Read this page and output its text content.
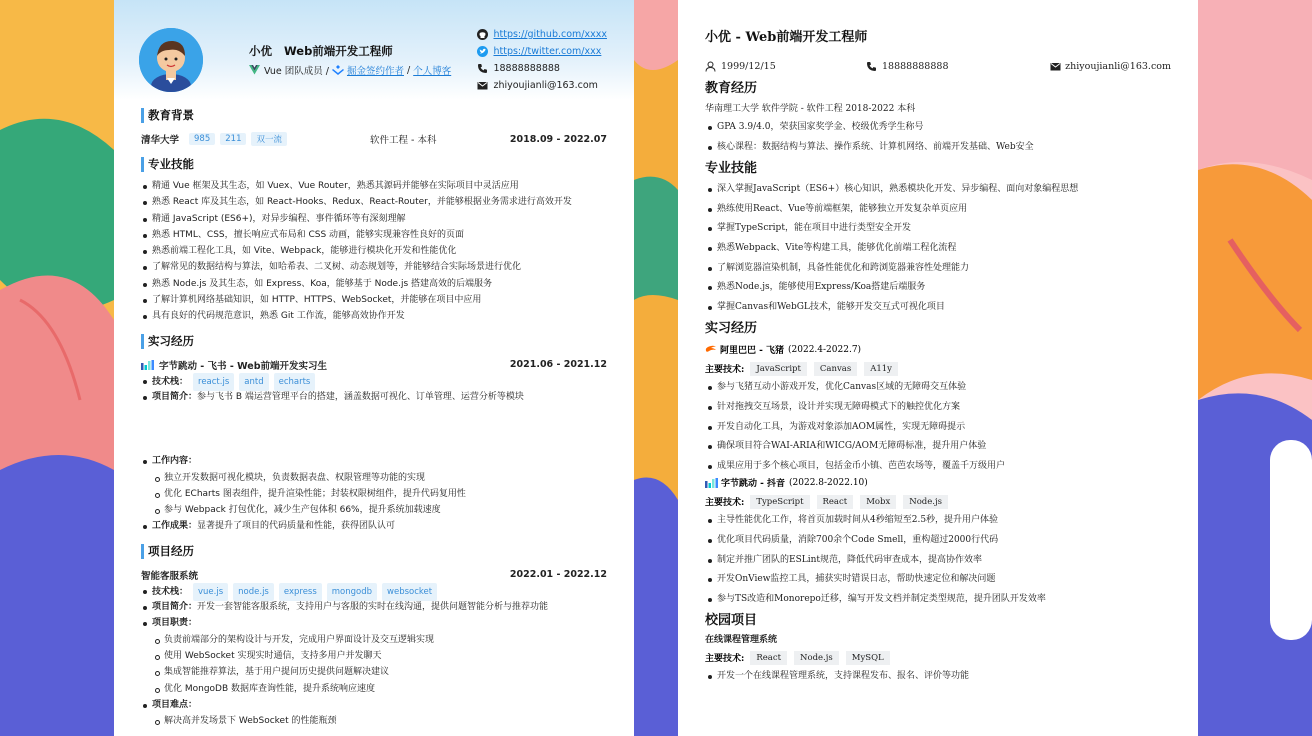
小优 Web前端开发工程师
Vue 团队成员 / 掘金签约作者 / 个人博客
https://github.com/xxxx
https://twitter.com/xxx
18888888888
zhiyoujianli@163.com
教育背景
清华大学	985	211	双一流	软件工程 - 本科	2018.09 - 2022.07
专业技能
精通 Vue 框架及其生态，如 Vuex、Vue Router，熟悉其源码并能够在实际项目中灵活应用
熟悉 React 库及其生态，如 React-Hooks、Redux、React-Router，并能够根据业务需求进行高效开发
精通 JavaScript (ES6+)，对异步编程、事件循环等有深刻理解
熟悉 HTML、CSS，擅长响应式布局和 CSS 动画，能够实现兼容性良好的页面
熟悉前端工程化工具，如 Vite、Webpack，能够进行模块化开发和性能优化
了解常见的数据结构与算法，如哈希表、二叉树、动态规划等，并能够结合实际场景进行优化
熟悉 Node.js 及其生态，如 Express、Koa，能够基于 Node.js 搭建高效的后端服务
了解计算机网络基础知识，如 HTTP、HTTPS、WebSocket，并能够在项目中应用
具有良好的代码规范意识，熟悉 Git 工作流，能够高效协作开发
实习经历
字节跳动 - 飞书 - Web前端开发实习生	2021.06 - 2021.12
技术栈： react.js antd echarts
项目简介：参与飞书 B 端运营管理平台的搭建，涵盖数据可视化、订单管理、运营分析等模块
工作内容：
独立开发数据可视化模块，负责数据表盘、权限管理等功能的实现
优化 ECharts 图表组件，提升渲染性能；封装权限树组件，提升代码复用性
参与 Webpack 打包优化，减少生产包体积 66%，提升系统加载速度
工作成果：显著提升了项目的代码质量和性能，获得团队认可
项目经历
智能客服系统	2022.01 - 2022.12
技术栈： vue.js node.js express mongodb websocket
项目简介：开发一套智能客服系统，支持用户与客服的实时在线沟通，提供问题智能分析与推荐功能
项目职责：
负责前端部分的架构设计与开发，完成用户界面设计及交互逻辑实现
使用 WebSocket 实现实时通信，支持多用户并发聊天
集成智能推荐算法，基于用户提问历史提供问题解决建议
优化 MongoDB 数据库查询性能，提升系统响应速度
项目难点：
解决高并发场景下 WebSocket 的性能瓶颈
小优 - Web前端开发工程师
1999/12/15	18888888888	zhiyoujianli@163.com
教育经历
华南理工大学 软件学院 - 软件工程 2018-2022 本科
GPA 3.9/4.0，荣获国家奖学金、校级优秀学生称号
核心课程：数据结构与算法、操作系统、计算机网络、前端开发基础、Web安全
专业技能
深入掌握JavaScript（ES6+）核心知识，熟悉模块化开发、异步编程、面向对象编程思想
熟练使用React、Vue等前端框架，能够独立开发复杂单页应用
掌握TypeScript，能在项目中进行类型安全开发
熟悉Webpack、Vite等构建工具，能够优化前端工程化流程
了解浏览器渲染机制，具备性能优化和跨浏览器兼容性处理能力
熟悉Node.js，能够使用Express/Koa搭建后端服务
掌握Canvas和WebGL技术，能够开发交互式可视化项目
实习经历
阿里巴巴 - 飞猪 (2022.4-2022.7)
主要技术:	JavaScript	Canvas	A11y
参与飞猪互动小游戏开发，优化Canvas区域的无障碍交互体验
针对拖拽交互场景，设计并实现无障碍模式下的触控优化方案
开发自动化工具，为游戏对象添加AOM属性，实现无障碍提示
确保项目符合WAI-ARIA和WICG/AOM无障碍标准，提升用户体验
成果应用于多个核心项目，包括金币小镇、芭芭农场等，覆盖千万级用户
字节跳动 - 抖音 (2022.8-2022.10)
主要技术:	TypeScript	React	Mobx	Node.js
主导性能优化工作，将首页加载时间从4秒缩短至2.5秒，提升用户体验
优化项目代码质量，消除700余个Code Smell，重构超过2000行代码
制定并推广团队的ESLint规范，降低代码审查成本，提高协作效率
开发OnView监控工具，捕获实时错误日志，帮助快速定位和解决问题
参与TS改造和Monorepo迁移，编写开发文档并制定类型规范，提升团队开发效率
校园项目
在线课程管理系统
主要技术:	React	Node.js	MySQL
开发一个在线课程管理系统，支持课程发布、报名、评价等功能
